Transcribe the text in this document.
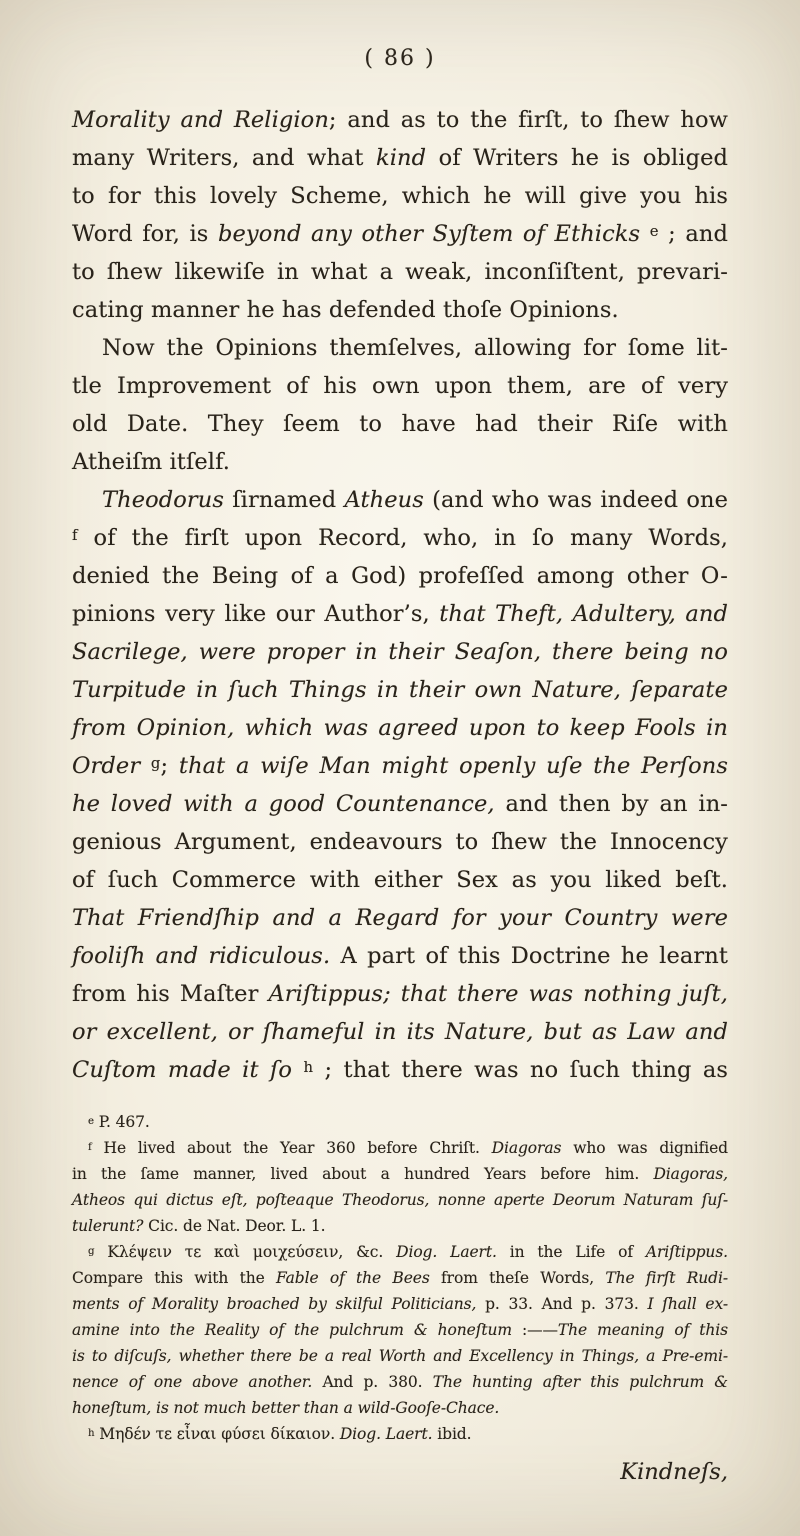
( 86 )
Morality and Religion; and as to the firſt, to ſhew how
many Writers, and what kind of Writers he is obliged
to for this lovely Scheme, which he will give you his
Word for, is beyond any other Syſtem of Ethicks $^e$ ; and
to ſhew likewiſe in what a weak, inconſiſtent, prevari-
cating manner he has defended thoſe Opinions.
Now the Opinions themſelves, allowing for ſome lit-
tle Improvement of his own upon them, are of very
old Date. They ſeem to have had their Riſe with
Atheiſm itſelf.
Theodorus ſirnamed Atheus (and who was indeed one
$^f$ of the firſt upon Record, who, in ſo many Words,
denied the Being of a God) profeſſed among other O-
pinions very like our Author’s, that Theft, Adultery, and
Sacrilege, were proper in their Seaſon, there being no
Turpitude in ſuch Things in their own Nature, ſeparate
from Opinion, which was agreed upon to keep Fools in
Order $^g$; that a wiſe Man might openly uſe the Perſons
he loved with a good Countenance, and then by an in-
genious Argument, endeavours to ſhew the Innocency
of ſuch Commerce with either Sex as you liked beſt.
That Friendſhip and a Regard for your Country were
fooliſh and ridiculous. A part of this Doctrine he learnt
from his Maſter Ariſtippus; that there was nothing juſt,
or excellent, or ſhameful in its Nature, but as Law and
Cuſtom made it ſo $^h$ ; that there was no ſuch thing as
$^e$ P. 467.
$^f$ He lived about the Year 360 before Chriſt. Diagoras who was dignified
in the ſame manner, lived about a hundred Years before him. Diagoras,
Atheos qui dictus eſt, poſteaque Theodorus, nonne aperte Deorum Naturam ſuſ-
tulerunt? Cic. de Nat. Deor. L. 1.
$^g$ Κλέψειν τε καὶ μοιχεύσειν, &c. Diog. Laert. in the Life of Ariſtippus.
Compare this with the Fable of the Bees from theſe Words, The firſt Rudi-
ments of Morality broached by skilful Politicians, p. 33. And p. 373. I ſhall ex-
amine into the Reality of the pulchrum & honeſtum :——The meaning of this
is to diſcuſs, whether there be a real Worth and Excellency in Things, a Pre-emi-
nence of one above another. And p. 380. The hunting after this pulchrum &
honeſtum, is not much better than a wild-Gooſe-Chace.
$^h$ Μηδέν τε εἶναι φύσει δίκαιον. Diog. Laert. ibid.
Kindneſs,
